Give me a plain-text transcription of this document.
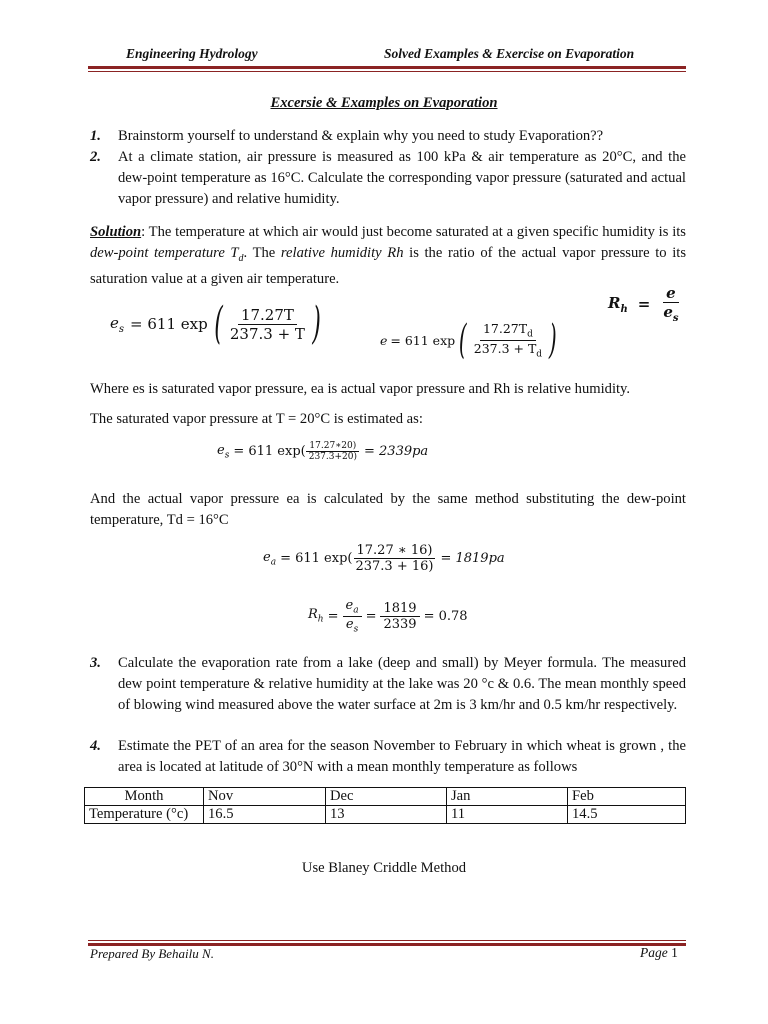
Engineering Hydrology	Solved Examples & Exercise on Evaporation
Excersie & Examples on Evaporation
1. Brainstorm yourself to understand & explain why you need to study Evaporation??
2. At a climate station, air pressure is measured as 100 kPa & air temperature as 20°C, and the dew-point temperature as 16°C. Calculate the corresponding vapor pressure (saturated and actual vapor pressure) and relative humidity.
Solution: The temperature at which air would just become saturated at a given specific humidity is its dew-point temperature $T_d$. The relative humidity Rh is the ratio of the actual vapor pressure to its saturation value at a given air temperature.
$e_s = 611$ exp ( $\frac{17.27T}{237.3 + T}$ )	e = 611 exp ( $\frac{17.27T_d}{237.3 + T_d}$ )
$R_h = \frac{e}{e_s}$
Where es is saturated vapor pressure, ea is actual vapor pressure and Rh is relative humidity.
The saturated vapor pressure at T = 20°C is estimated as:
$e_s = 611$ $\exp( \frac{17.27∗20)}{237.3+20)} = 2339pa$
And the actual vapor pressure ea is calculated by the same method substituting the dew-point temperature, Td = 16°C
$e_a = 611$ $\exp( \frac{17.27 ∗ 16)}{237.3 + 16)} = 1819pa$
$R_h = \frac{e_a}{e_s} = \frac{1819}{2339} = 0.78$
3. Calculate the evaporation rate from a lake (deep and small) by Meyer formula. The measured dew point temperature & relative humidity at the lake was 20 °c & 0.6. The mean monthly speed of blowing wind measured above the water surface at 2m is 3 km/hr and 0.5 km/hr respectively.
4. Estimate the PET of an area for the season November to February in which wheat is grown , the area is located at latitude of 30°N with a mean monthly temperature as follows
Month	Nov	Dec	Jan	Feb
Temperature (°c)	16.5	13	11	14.5
Use Blaney Criddle Method
Prepared By Behailu N.	Page 1
